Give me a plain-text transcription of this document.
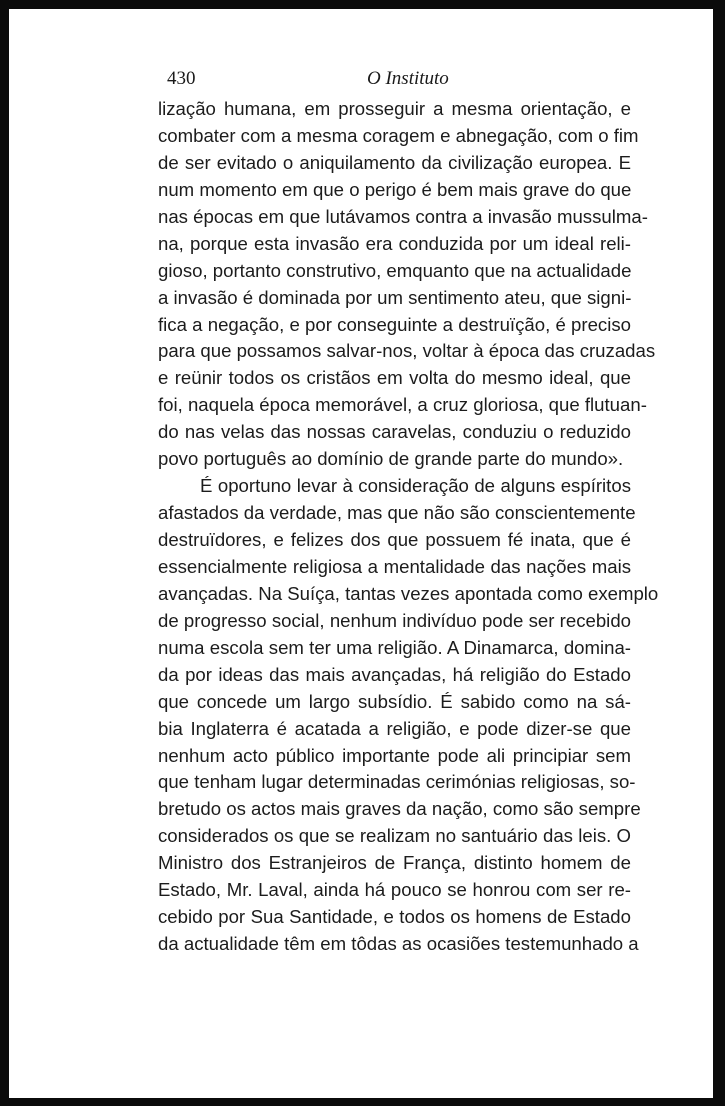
430	O Instituto
lização humana, em prosseguir a mesma orientação, e
combater com a mesma coragem e abnegação, com o fim
de ser evitado o aniquilamento da civilização europea. E
num momento em que o perigo é bem mais grave do que
nas épocas em que lutávamos contra a invasão mussulma-
na, porque esta invasão era conduzida por um ideal reli-
gioso, portanto construtivo, emquanto que na actualidade
a invasão é dominada por um sentimento ateu, que signi-
fica a negação, e por conseguinte a destruïção, é preciso
para que possamos salvar-nos, voltar à época das cruzadas
e reünir todos os cristãos em volta do mesmo ideal, que
foi, naquela época memorável, a cruz gloriosa, que flutuan-
do nas velas das nossas caravelas, conduziu o reduzido
povo português ao domínio de grande parte do mundo».
É oportuno levar à consideração de alguns espíritos
afastados da verdade, mas que não são conscientemente
destruïdores, e felizes dos que possuem fé inata, que é
essencialmente religiosa a mentalidade das nações mais
avançadas. Na Suíça, tantas vezes apontada como exemplo
de progresso social, nenhum indivíduo pode ser recebido
numa escola sem ter uma religião. A Dinamarca, domina-
da por ideas das mais avançadas, há religião do Estado
que concede um largo subsídio. É sabido como na sá-
bia Inglaterra é acatada a religião, e pode dizer-se que
nenhum acto público importante pode ali principiar sem
que tenham lugar determinadas cerimónias religiosas, so-
bretudo os actos mais graves da nação, como são sempre
considerados os que se realizam no santuário das leis. O
Ministro dos Estranjeiros de França, distinto homem de
Estado, Mr. Laval, ainda há pouco se honrou com ser re-
cebido por Sua Santidade, e todos os homens de Estado
da actualidade têm em tôdas as ocasiões testemunhado a
